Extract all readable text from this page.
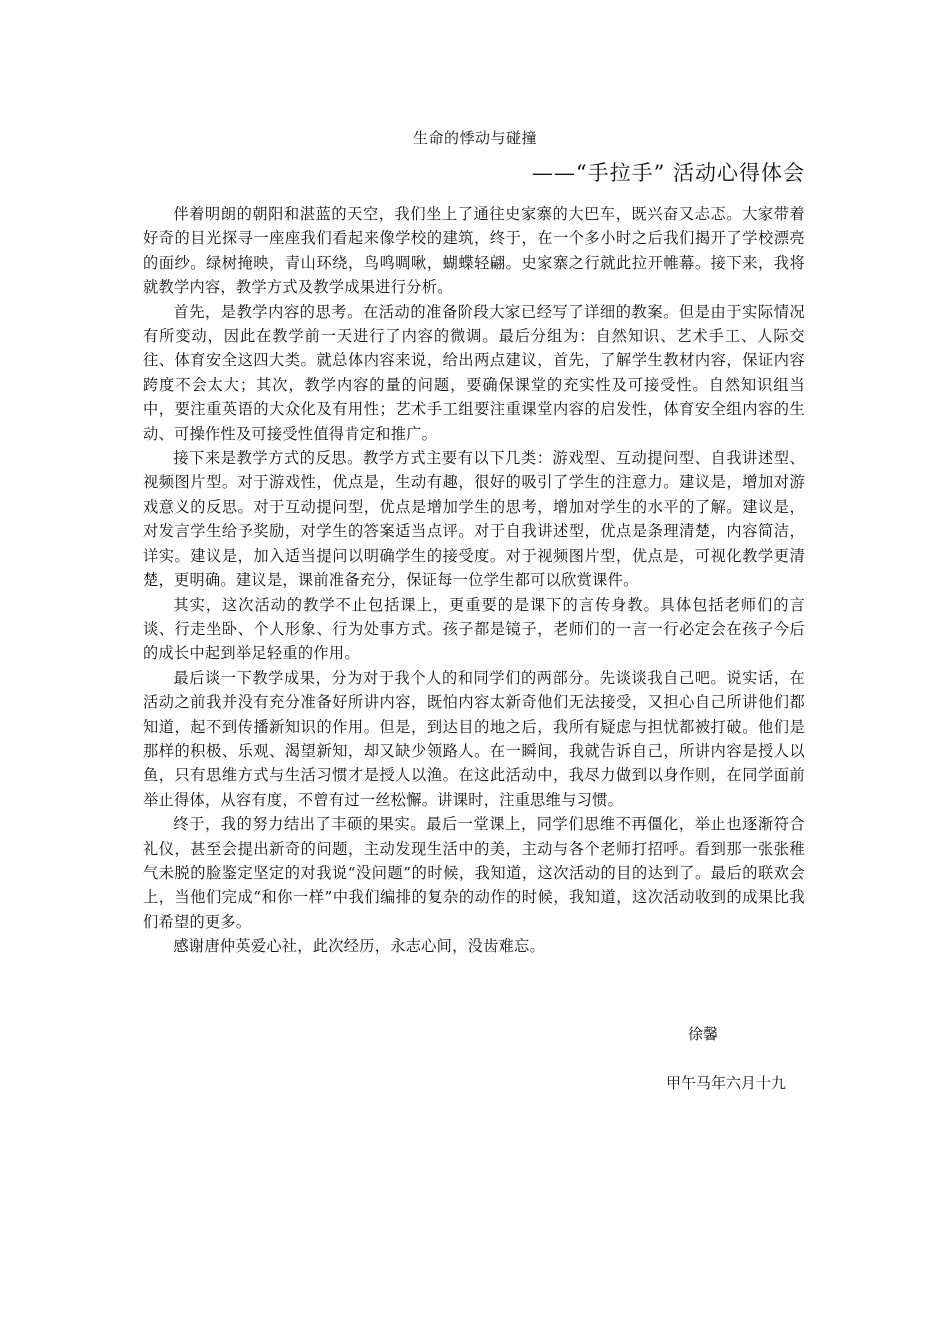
生命的悸动与碰撞
——“手拉手” 活动心得体会

伴着明朗的朝阳和湛蓝的天空，我们坐上了通往史家寨的大巴车，既兴奋又忐忑。大家带着好奇的目光探寻一座座我们看起来像学校的建筑，终于，在一个多小时之后我们揭开了学校漂亮的面纱。绿树掩映，青山环绕，鸟鸣啁啾，蝴蝶轻翩。史家寨之行就此拉开帷幕。接下来，我将就教学内容，教学方式及教学成果进行分析。

首先，是教学内容的思考。在活动的准备阶段大家已经写了详细的教案。但是由于实际情况有所变动，因此在教学前一天进行了内容的微调。最后分组为：自然知识、艺术手工、人际交往、体育安全这四大类。就总体内容来说，给出两点建议，首先，了解学生教材内容，保证内容跨度不会太大；其次，教学内容的量的问题，要确保课堂的充实性及可接受性。自然知识组当中，要注重英语的大众化及有用性；艺术手工组要注重课堂内容的启发性，体育安全组内容的生动、可操作性及可接受性值得肯定和推广。

接下来是教学方式的反思。教学方式主要有以下几类：游戏型、互动提问型、自我讲述型、视频图片型。对于游戏性，优点是，生动有趣，很好的吸引了学生的注意力。建议是，增加对游戏意义的反思。对于互动提问型，优点是增加学生的思考，增加对学生的水平的了解。建议是，对发言学生给予奖励，对学生的答案适当点评。对于自我讲述型，优点是条理清楚，内容简洁，详实。建议是，加入适当提问以明确学生的接受度。对于视频图片型，优点是，可视化教学更清楚，更明确。建议是，课前准备充分，保证每一位学生都可以欣赏课件。

其实，这次活动的教学不止包括课上，更重要的是课下的言传身教。具体包括老师们的言谈、行走坐卧、个人形象、行为处事方式。孩子都是镜子，老师们的一言一行必定会在孩子今后的成长中起到举足轻重的作用。

最后谈一下教学成果，分为对于我个人的和同学们的两部分。先谈谈我自己吧。说实话，在活动之前我并没有充分准备好所讲内容，既怕内容太新奇他们无法接受，又担心自己所讲他们都知道，起不到传播新知识的作用。但是，到达目的地之后，我所有疑虑与担忧都被打破。他们是那样的积极、乐观、渴望新知，却又缺少领路人。在一瞬间，我就告诉自己，所讲内容是授人以鱼，只有思维方式与生活习惯才是授人以渔。在这此活动中，我尽力做到以身作则，在同学面前举止得体，从容有度，不曾有过一丝松懈。讲课时，注重思维与习惯。

终于，我的努力结出了丰硕的果实。最后一堂课上，同学们思维不再僵化，举止也逐渐符合礼仪，甚至会提出新奇的问题，主动发现生活中的美，主动与各个老师打招呼。看到那一张张稚气未脱的脸鉴定坚定的对我说“没问题”的时候，我知道，这次活动的目的达到了。最后的联欢会上，当他们完成“和你一样”中我们编排的复杂的动作的时候，我知道，这次活动收到的成果比我们希望的更多。

感谢唐仲英爱心社，此次经历，永志心间，没齿难忘。

徐馨
甲午马年六月十九
